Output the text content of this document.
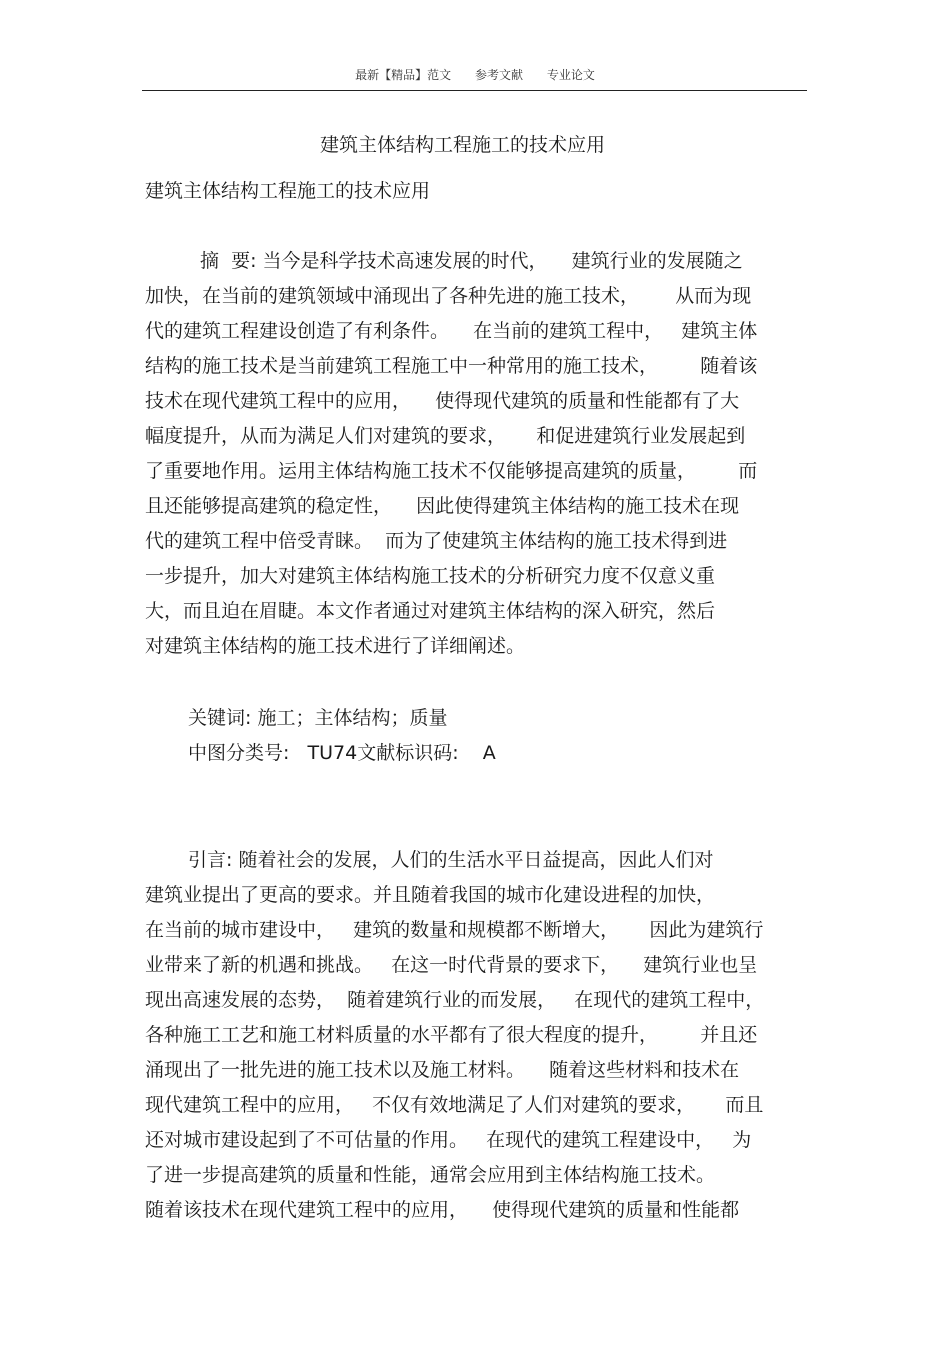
最新【精品】范文 参考文献 专业论文
建筑主体结构工程施工的技术应用
建筑主体结构工程施工的技术应用
摘  要: 当今是科学技术高速发展的时代，    建筑行业的发展随之
加快，在当前的建筑领域中涌现出了各种先进的施工技术，      从而为现
代的建筑工程建设创造了有利条件。    在当前的建筑工程中，   建筑主体
结构的施工技术是当前建筑工程施工中一种常用的施工技术，       随着该
技术在现代建筑工程中的应用，    使得现代建筑的质量和性能都有了大
幅度提升，从而为满足人们对建筑的要求，     和促进建筑行业发展起到
了重要地作用。运用主体结构施工技术不仅能够提高建筑的质量，       而
且还能够提高建筑的稳定性，    因此使得建筑主体结构的施工技术在现
代的建筑工程中倍受青睐。  而为了使建筑主体结构的施工技术得到进
一步提升，加大对建筑主体结构施工技术的分析研究力度不仅意义重
大，而且迫在眉睫。本文作者通过对建筑主体结构的深入研究，然后
对建筑主体结构的施工技术进行了详细阐述。
关键词: 施工；主体结构；质量
中图分类号:   TU74文献标识码:    A
引言: 随着社会的发展，人们的生活水平日益提高，因此人们对
建筑业提出了更高的要求。并且随着我国的城市化建设进程的加快，
在当前的城市建设中，   建筑的数量和规模都不断增大，     因此为建筑行
业带来了新的机遇和挑战。   在这一时代背景的要求下，    建筑行业也呈
现出高速发展的态势，  随着建筑行业的而发展，   在现代的建筑工程中，
各种施工工艺和施工材料质量的水平都有了很大程度的提升，       并且还
涌现出了一批先进的施工技术以及施工材料。    随着这些材料和技术在
现代建筑工程中的应用，   不仅有效地满足了人们对建筑的要求，     而且
还对城市建设起到了不可估量的作用。   在现代的建筑工程建设中，   为
了进一步提高建筑的质量和性能，通常会应用到主体结构施工技术。
随着该技术在现代建筑工程中的应用，    使得现代建筑的质量和性能都
